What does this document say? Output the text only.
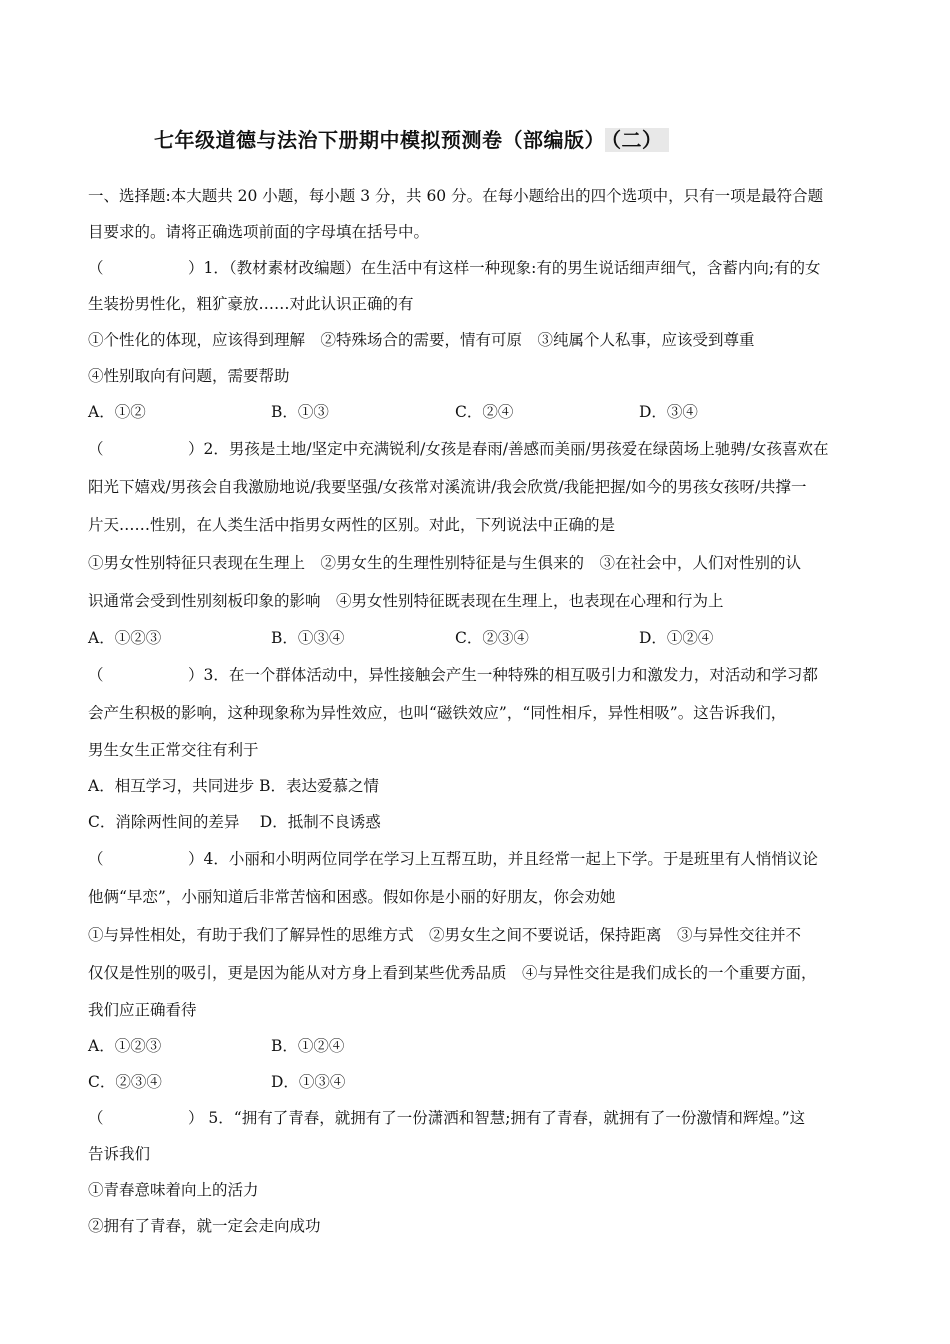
七年级道德与法治下册期中模拟预测卷（部编版） （二）
一、选择题:本大题共 20 小题，每小题 3 分，共 60 分。在每小题给出的四个选项中，只有一项是最符合题
目要求的。请将正确选项前面的字母填在括号中。
（	）1．（教材素材改编题）在生活中有这样一种现象:有的男生说话细声细气，含蓄内向;有的女
生装扮男性化，粗犷豪放……对此认识正确的有
①个性化的体现，应该得到理解　②特殊场合的需要，情有可原　③纯属个人私事，应该受到尊重
④性别取向有问题，需要帮助
A．①②	B．①③	C．②④	D．③④
（	）2．男孩是土地/坚定中充满锐利/女孩是春雨/善感而美丽/男孩爱在绿茵场上驰骋/女孩喜欢在
阳光下嬉戏/男孩会自我激励地说/我要坚强/女孩常对溪流讲/我会欣赏/我能把握/如今的男孩女孩呀/共撑一
片天……性别，在人类生活中指男女两性的区别。对此，下列说法中正确的是
①男女性别特征只表现在生理上　②男女生的生理性别特征是与生俱来的　③在社会中，人们对性别的认
识通常会受到性别刻板印象的影响　④男女性别特征既表现在生理上，也表现在心理和行为上
A．①②③	B．①③④	C．②③④	D．①②④
（	）3．在一个群体活动中，异性接触会产生一种特殊的相互吸引力和激发力，对活动和学习都
会产生积极的影响，这种现象称为异性效应，也叫“磁铁效应”，“同性相斥，异性相吸”。这告诉我们，
男生女生正常交往有利于
A．相互学习，共同进步 B．表达爱慕之情
C．消除两性间的差异　 D．抵制不良诱惑
（	）4．小丽和小明两位同学在学习上互帮互助，并且经常一起上下学。于是班里有人悄悄议论
他俩“早恋”，小丽知道后非常苦恼和困惑。假如你是小丽的好朋友，你会劝她
①与异性相处，有助于我们了解异性的思维方式　②男女生之间不要说话，保持距离　③与异性交往并不
仅仅是性别的吸引，更是因为能从对方身上看到某些优秀品质　④与异性交往是我们成长的一个重要方面，
我们应正确看待
A．①②③	B．①②④
C．②③④	D．①③④
（	） 5．“拥有了青春，就拥有了一份潇洒和智慧;拥有了青春，就拥有了一份激情和辉煌。”这
告诉我们
①青春意味着向上的活力
②拥有了青春，就一定会走向成功
